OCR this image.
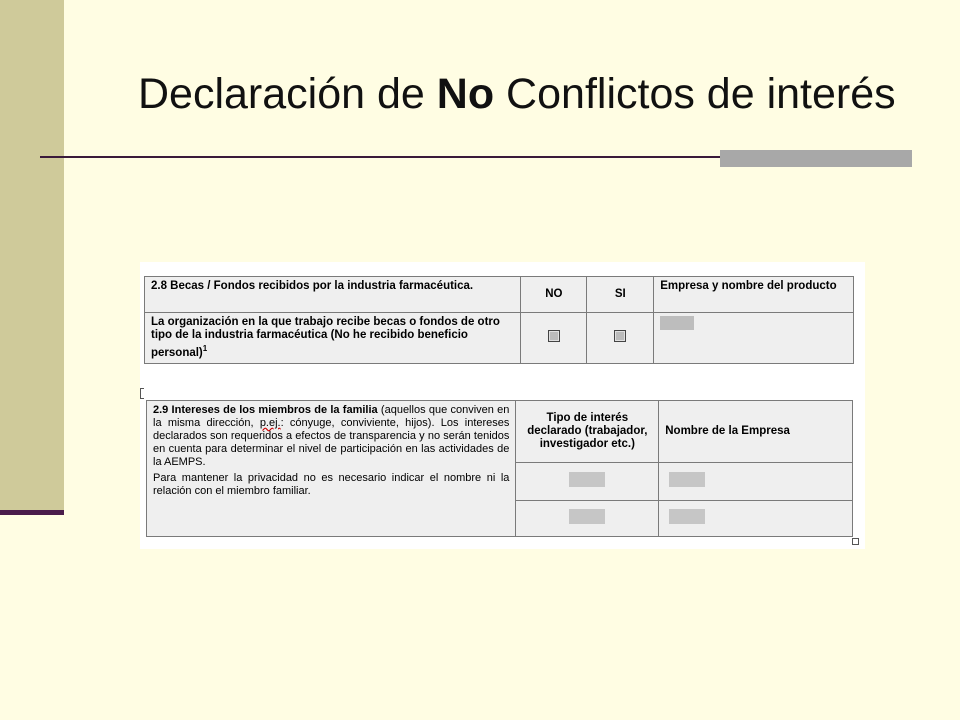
Declaración de No Conflictos de interés
2.8 Becas / Fondos recibidos por la industria farmacéutica.	NO	SI	Empresa y nombre del producto
La organización en la que trabajo recibe becas o fondos de otro tipo de la industria farmacéutica (No he recibido beneficio personal)$^1$			
2.9 Intereses de los miembros de la familia (aquellos que conviven en la misma dirección, p.ej.: cónyuge, conviviente, hijos). Los intereses declarados son requeridos a efectos de transparencia y no serán tenidos en cuenta para determinar el nivel de participación en las actividades de la AEMPS.
Para mantener la privacidad no es necesario indicar el nombre ni la relación con el miembro familiar.	Tipo de interés declarado (trabajador, investigador etc.)	Nombre de la Empresa
